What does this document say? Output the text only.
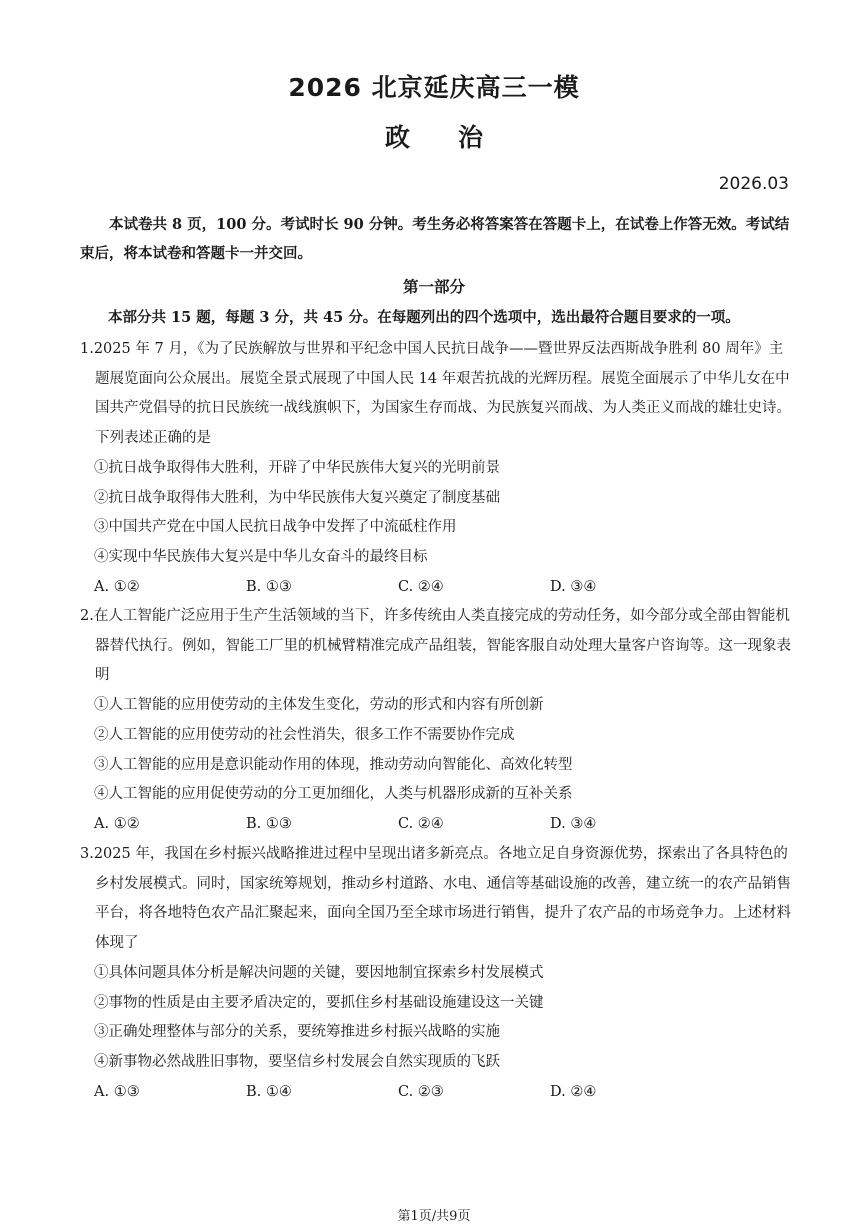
2026 北京延庆高三一模
政治
2026.03
本试卷共 8 页，100 分。考试时长 90 分钟。考生务必将答案答在答题卡上，在试卷上作答无效。考试结束后，将本试卷和答题卡一并交回。
第一部分
本部分共 15 题，每题 3 分，共 45 分。在每题列出的四个选项中，选出最符合题目要求的一项。
1.2025 年 7 月，《为了民族解放与世界和平纪念中国人民抗日战争——暨世界反法西斯战争胜利 80 周年》主题展览面向公众展出。展览全景式展现了中国人民 14 年艰苦抗战的光辉历程。展览全面展示了中华儿女在中国共产党倡导的抗日民族统一战线旗帜下，为国家生存而战、为民族复兴而战、为人类正义而战的雄壮史诗。下列表述正确的是
①抗日战争取得伟大胜利，开辟了中华民族伟大复兴的光明前景
②抗日战争取得伟大胜利，为中华民族伟大复兴奠定了制度基础
③中国共产党在中国人民抗日战争中发挥了中流砥柱作用
④实现中华民族伟大复兴是中华儿女奋斗的最终目标
A. ①②	B. ①③	C. ②④	D. ③④
2.在人工智能广泛应用于生产生活领域的当下，许多传统由人类直接完成的劳动任务，如今部分或全部由智能机器替代执行。例如，智能工厂里的机械臂精准完成产品组装，智能客服自动处理大量客户咨询等。这一现象表明
①人工智能的应用使劳动的主体发生变化，劳动的形式和内容有所创新
②人工智能的应用使劳动的社会性消失，很多工作不需要协作完成
③人工智能的应用是意识能动作用的体现，推动劳动向智能化、高效化转型
④人工智能的应用促使劳动的分工更加细化，人类与机器形成新的互补关系
A. ①②	B. ①③	C. ②④	D. ③④
3.2025 年，我国在乡村振兴战略推进过程中呈现出诸多新亮点。各地立足自身资源优势，探索出了各具特色的乡村发展模式。同时，国家统筹规划，推动乡村道路、水电、通信等基础设施的改善，建立统一的农产品销售平台，将各地特色农产品汇聚起来，面向全国乃至全球市场进行销售，提升了农产品的市场竞争力。上述材料体现了
①具体问题具体分析是解决问题的关键，要因地制宜探索乡村发展模式
②事物的性质是由主要矛盾决定的，要抓住乡村基础设施建设这一关键
③正确处理整体与部分的关系，要统筹推进乡村振兴战略的实施
④新事物必然战胜旧事物，要坚信乡村发展会自然实现质的飞跃
A. ①③	B. ①④	C. ②③	D. ②④
第1页/共9页
